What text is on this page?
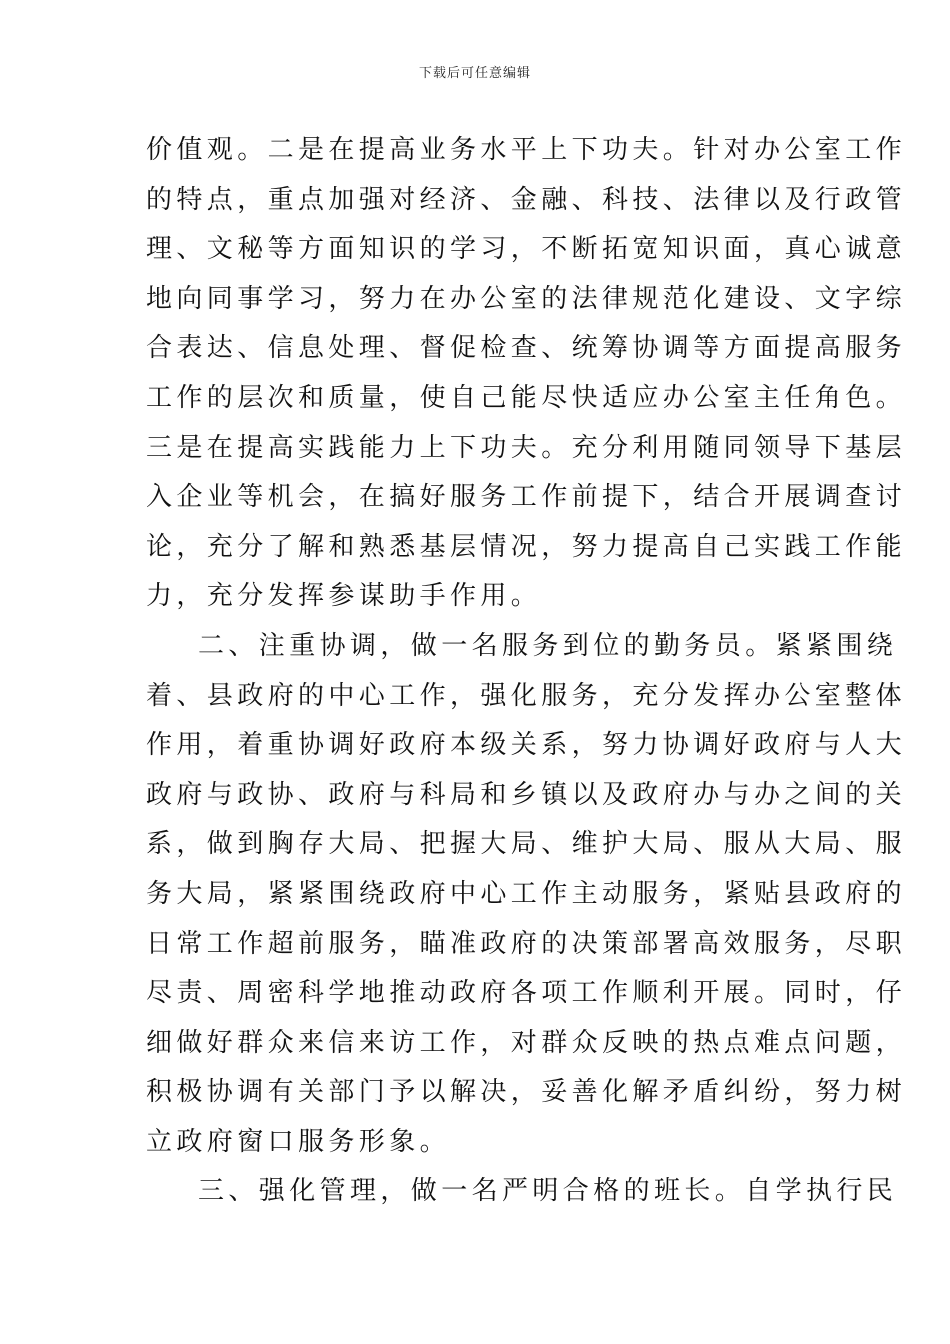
下载后可任意编辑
价值观。二是在提高业务水平上下功夫。针对办公室工作
的特点，重点加强对经济、金融、科技、法律以及行政管
理、文秘等方面知识的学习，不断拓宽知识面，真心诚意
地向同事学习，努力在办公室的法律规范化建设、文字综
合表达、信息处理、督促检查、统筹协调等方面提高服务
工作的层次和质量，使自己能尽快适应办公室主任角色。
三是在提高实践能力上下功夫。充分利用随同领导下基层
入企业等机会，在搞好服务工作前提下，结合开展调查讨
论，充分了解和熟悉基层情况，努力提高自己实践工作能
力，充分发挥参谋助手作用。
二、注重协调，做一名服务到位的勤务员。紧紧围绕
着、县政府的中心工作，强化服务，充分发挥办公室整体
作用，着重协调好政府本级关系，努力协调好政府与人大
政府与政协、政府与科局和乡镇以及政府办与办之间的关
系，做到胸存大局、把握大局、维护大局、服从大局、服
务大局，紧紧围绕政府中心工作主动服务，紧贴县政府的
日常工作超前服务，瞄准政府的决策部署高效服务，尽职
尽责、周密科学地推动政府各项工作顺利开展。同时，仔
细做好群众来信来访工作，对群众反映的热点难点问题，
积极协调有关部门予以解决，妥善化解矛盾纠纷，努力树
立政府窗口服务形象。
三、强化管理，做一名严明合格的班长。自学执行民
